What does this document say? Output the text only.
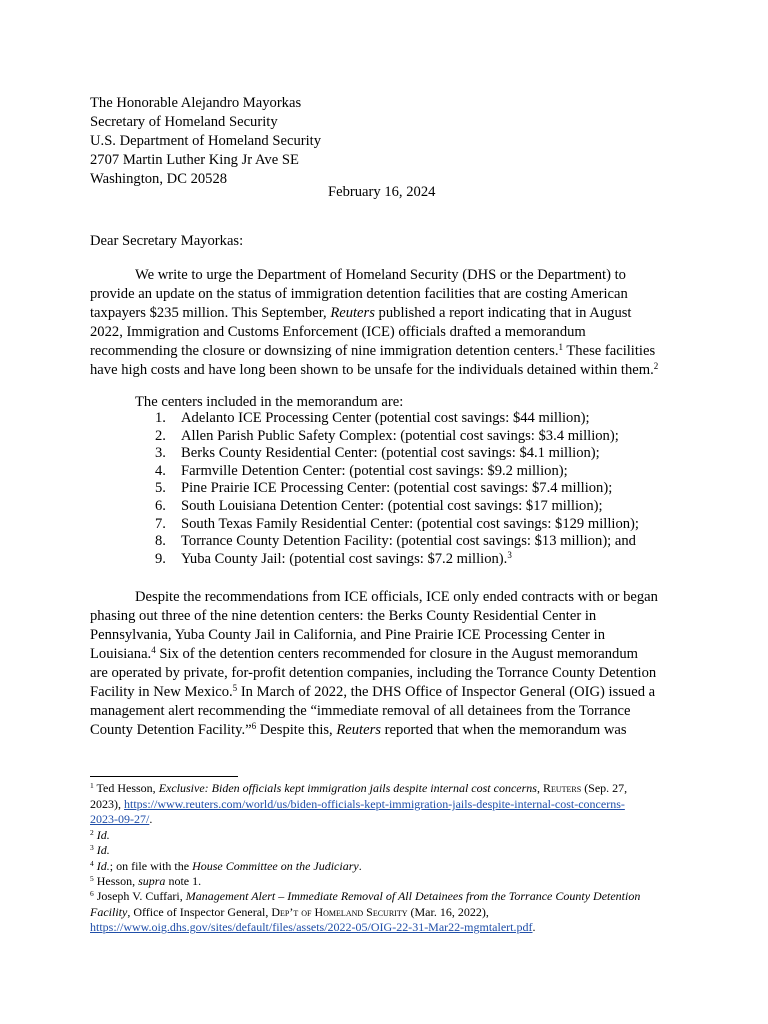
The Honorable Alejandro Mayorkas
Secretary of Homeland Security
U.S. Department of Homeland Security
2707 Martin Luther King Jr Ave SE
Washington, DC 20528
February 16, 2024
Dear Secretary Mayorkas:
We write to urge the Department of Homeland Security (DHS or the Department) to
provide an update on the status of immigration detention facilities that are costing American
taxpayers $235 million. This September, Reuters published a report indicating that in August
2022, Immigration and Customs Enforcement (ICE) officials drafted a memorandum
recommending the closure or downsizing of nine immigration detention centers.$^1$ These facilities
have high costs and have long been shown to be unsafe for the individuals detained within them.$^2$
The centers included in the memorandum are:
1. Adelanto ICE Processing Center (potential cost savings: $44 million);
2. Allen Parish Public Safety Complex: (potential cost savings: $3.4 million);
3. Berks County Residential Center: (potential cost savings: $4.1 million);
4. Farmville Detention Center: (potential cost savings: $9.2 million);
5. Pine Prairie ICE Processing Center: (potential cost savings: $7.4 million);
6. South Louisiana Detention Center: (potential cost savings: $17 million);
7. South Texas Family Residential Center: (potential cost savings: $129 million);
8. Torrance County Detention Facility: (potential cost savings: $13 million); and
9. Yuba County Jail: (potential cost savings: $7.2 million).$^3$
Despite the recommendations from ICE officials, ICE only ended contracts with or began
phasing out three of the nine detention centers: the Berks County Residential Center in
Pennsylvania, Yuba County Jail in California, and Pine Prairie ICE Processing Center in
Louisiana.$^4$ Six of the detention centers recommended for closure in the August memorandum
are operated by private, for-profit detention companies, including the Torrance County Detention
Facility in New Mexico.$^5$ In March of 2022, the DHS Office of Inspector General (OIG) issued a
management alert recommending the “immediate removal of all detainees from the Torrance
County Detention Facility.”$^6$ Despite this, Reuters reported that when the memorandum was
$^1$ Ted Hesson, Exclusive: Biden officials kept immigration jails despite internal cost concerns, Reuters (Sep. 27,
2023), https://www.reuters.com/world/us/biden-officials-kept-immigration-jails-despite-internal-cost-concerns-
2023-09-27/.
$^2$ Id.
$^3$ Id.
$^4$ Id.; on file with the House Committee on the Judiciary.
$^5$ Hesson, supra note 1.
$^6$ Joseph V. Cuffari, Management Alert – Immediate Removal of All Detainees from the Torrance County Detention
Facility, Office of Inspector General, Dep’t of Homeland Security (Mar. 16, 2022),
https://www.oig.dhs.gov/sites/default/files/assets/2022-05/OIG-22-31-Mar22-mgmtalert.pdf.
